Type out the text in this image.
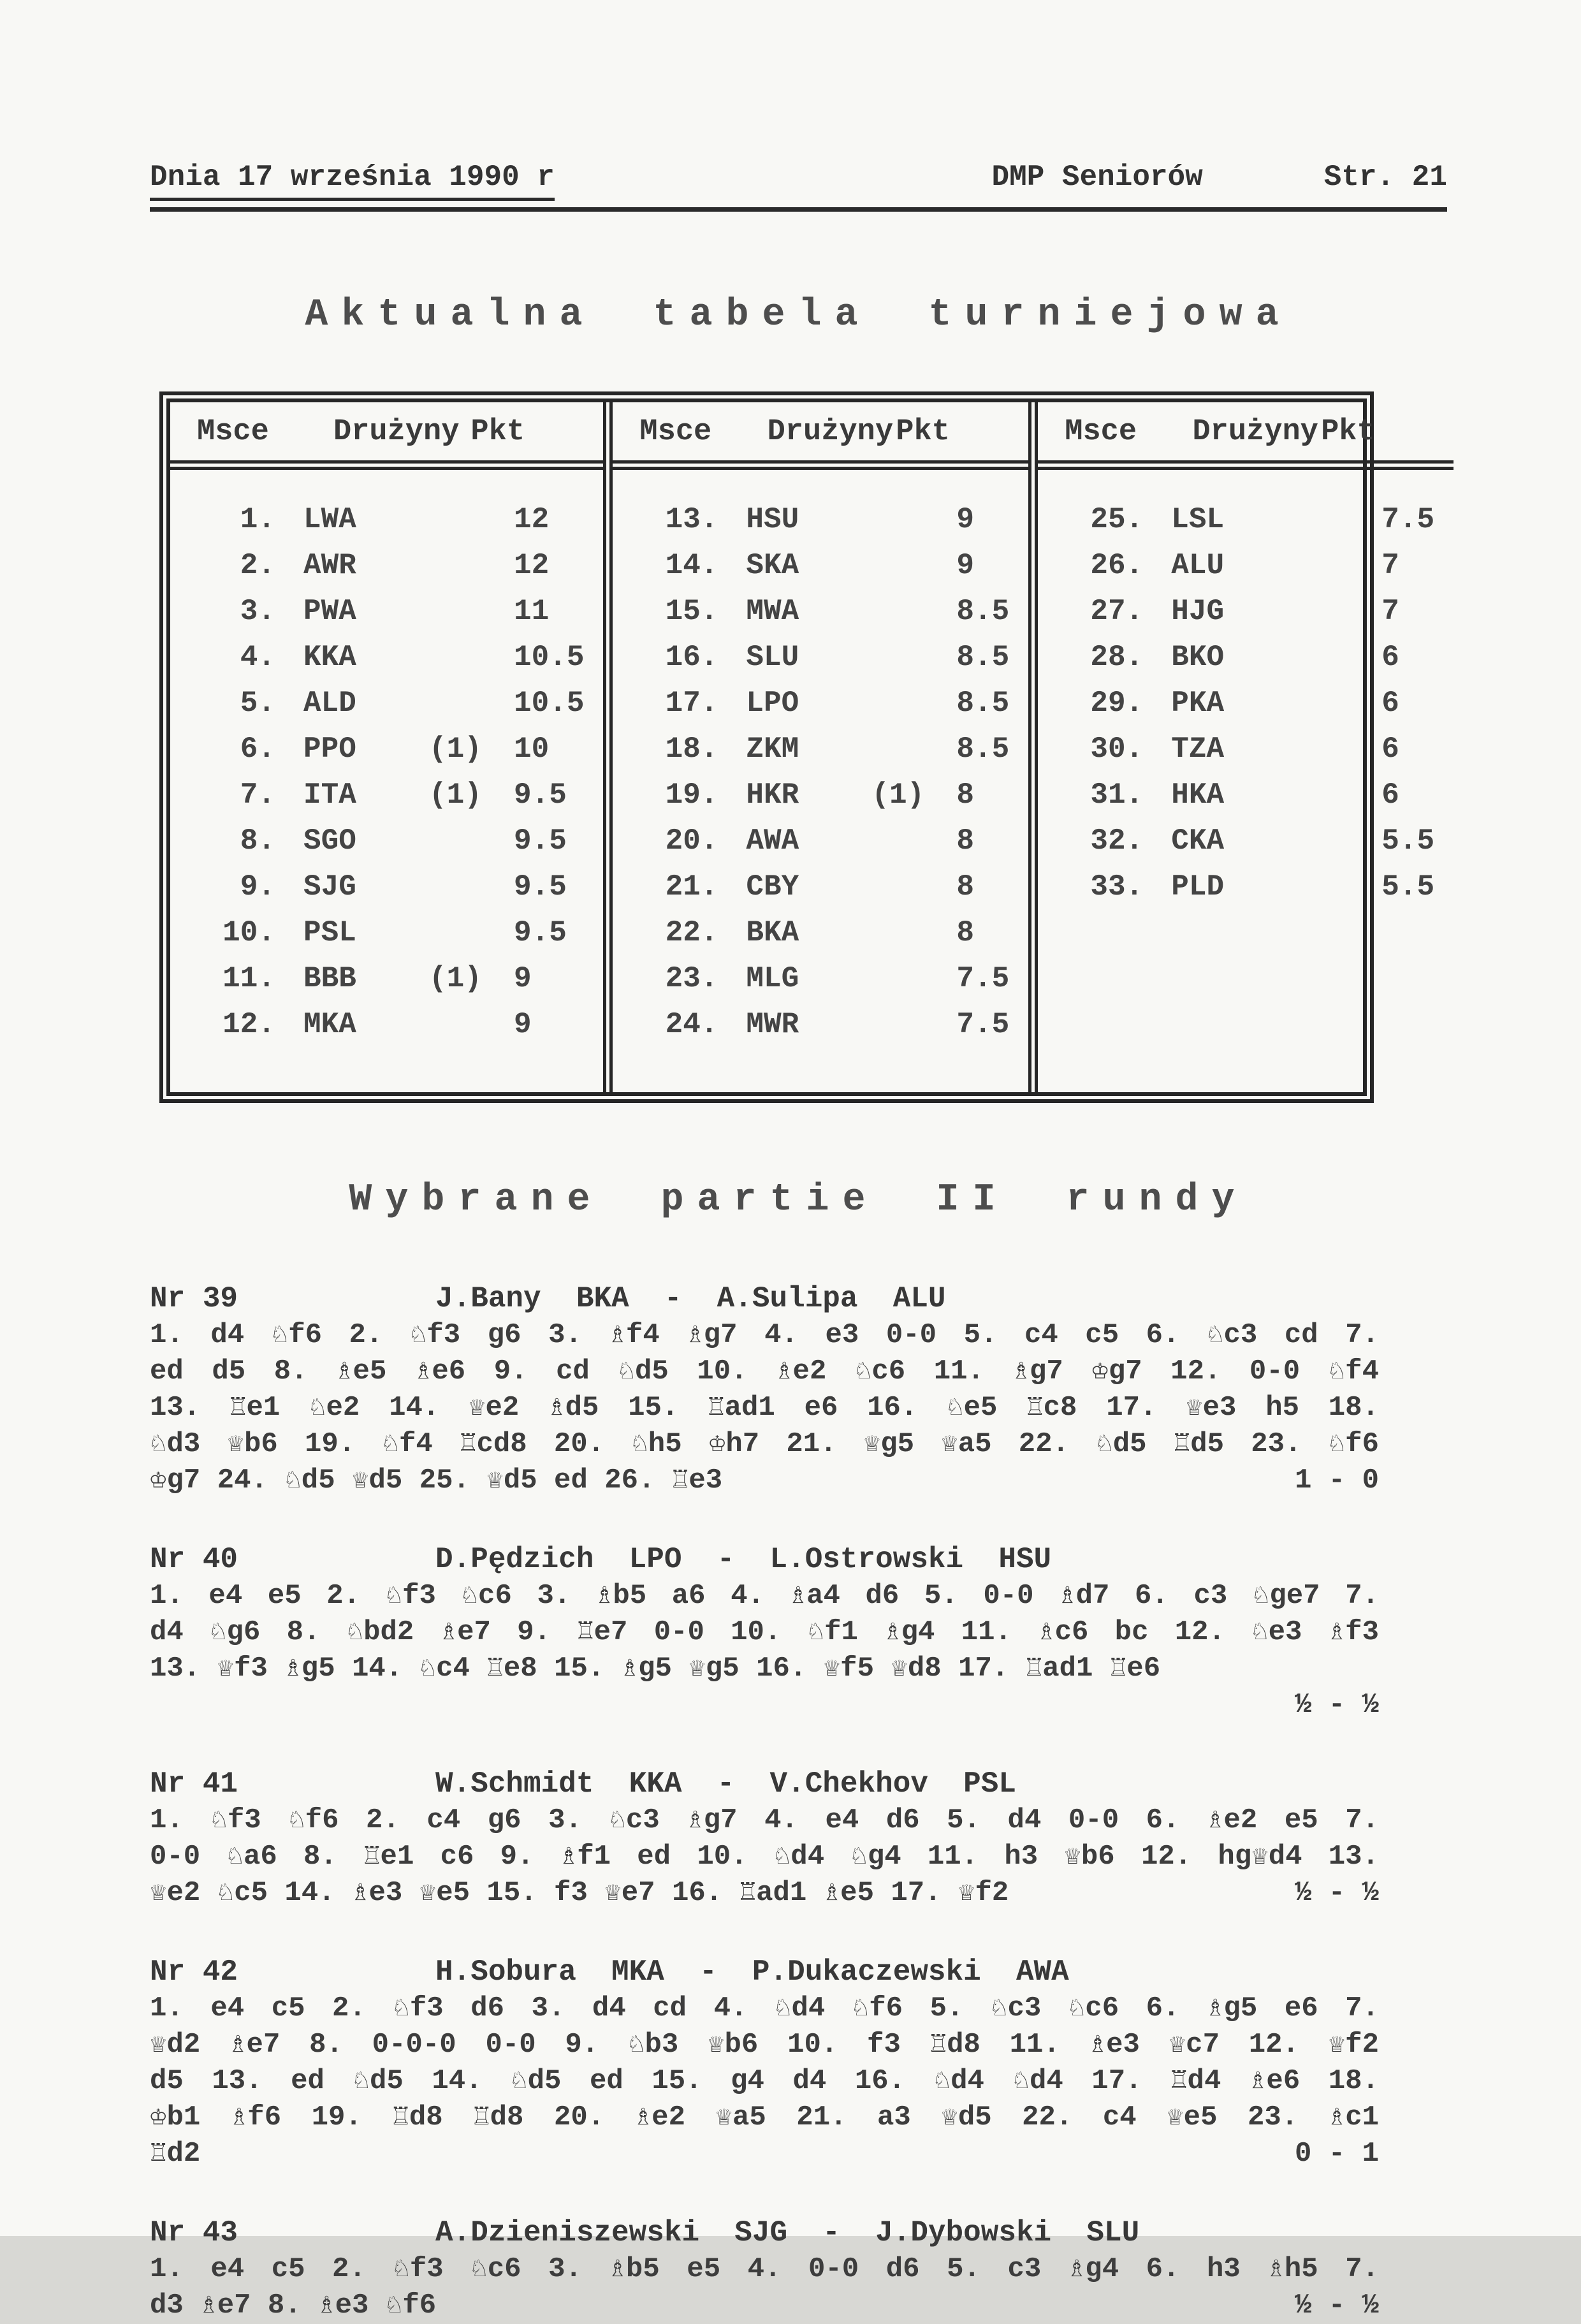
Dnia 17 września 1990 r	DMP Seniorów	Str. 21
Aktualna tabela turniejowa
Msce	Drużyny Pkt
1. LWA	12
2. AWR	12
3. PWA	11
4. KKA	10.5
5. ALD	10.5
6. PPO	(1)	10
7. ITA	(1)	9.5
8. SGO	9.5
9. SJG	9.5
10. PSL	9.5
11. BBB	(1)	9
12. MKA	9
Msce	Drużyny Pkt
13. HSU	9
14. SKA	9
15. MWA	8.5
16. SLU	8.5
17. LPO	8.5
18. ZKM	8.5
19. HKR	(1)	8
20. AWA	8
21. CBY	8
22. BKA	8
23. MLG	7.5
24. MWR	7.5
Msce	Drużyny Pkt
25. LSL	7.5
26. ALU	7
27. HJG	7
28. BKO	6
29. PKA	6
30. TZA	6
31. HKA	6
32. CKA	5.5
33. PLD	5.5
Wybrane partie II rundy
Nr 39	J.Bany  BKA  -  A.Sulipa  ALU
1. d4 ♘f6 2. ♘f3 g6 3. ♗f4 ♗g7 4. e3 0-0 5. c4 c5 6. ♘c3 cd 7.
ed d5 8. ♗e5 ♗e6 9. cd ♘d5 10. ♗e2 ♘c6 11. ♗g7 ♔g7 12. 0-0 ♘f4
13. ♖e1 ♘e2 14. ♕e2 ♗d5 15. ♖ad1 e6 16. ♘e5 ♖c8 17. ♕e3 h5 18.
♘d3 ♕b6 19. ♘f4 ♖cd8 20. ♘h5 ♔h7 21. ♕g5 ♕a5 22. ♘d5 ♖d5 23. ♘f6
♔g7 24. ♘d5 ♕d5 25. ♕d5 ed 26. ♖e3	1 - 0
Nr 40	D.Pędzich  LPO  -  L.Ostrowski  HSU
1. e4 e5 2. ♘f3 ♘c6 3. ♗b5 a6 4. ♗a4 d6 5. 0-0 ♗d7 6. c3 ♘ge7 7.
d4 ♘g6 8. ♘bd2 ♗e7 9. ♖e7 0-0 10. ♘f1 ♗g4 11. ♗c6 bc 12. ♘e3 ♗f3
13. ♕f3 ♗g5 14. ♘c4 ♖e8 15. ♗g5 ♕g5 16. ♕f5 ♕d8 17. ♖ad1 ♖e6
½ - ½
Nr 41	W.Schmidt  KKA  -  V.Chekhov  PSL
1. ♘f3 ♘f6 2. c4 g6 3. ♘c3 ♗g7 4. e4 d6 5. d4 0-0 6. ♗e2 e5 7.
0-0 ♘a6 8. ♖e1 c6 9. ♗f1 ed 10. ♘d4 ♘g4 11. h3 ♕b6 12. hg♕d4 13.
♕e2 ♘c5 14. ♗e3 ♕e5 15. f3 ♕e7 16. ♖ad1 ♗e5 17. ♕f2	½ - ½
Nr 42	H.Sobura  MKA  -  P.Dukaczewski  AWA
1. e4 c5 2. ♘f3 d6 3. d4 cd 4. ♘d4 ♘f6 5. ♘c3 ♘c6 6. ♗g5 e6 7.
♕d2 ♗e7 8. 0-0-0 0-0 9. ♘b3 ♕b6 10. f3 ♖d8 11. ♗e3 ♕c7 12. ♕f2
d5 13. ed ♘d5 14. ♘d5 ed 15. g4 d4 16. ♘d4 ♘d4 17. ♖d4 ♗e6 18.
♔b1 ♗f6 19. ♖d8 ♖d8 20. ♗e2 ♕a5 21. a3 ♕d5 22. c4 ♕e5 23. ♗c1
♖d2	0 - 1
Nr 43	A.Dzieniszewski  SJG  -  J.Dybowski  SLU
1. e4 c5 2. ♘f3 ♘c6 3. ♗b5 e5 4. 0-0 d6 5. c3 ♗g4 6. h3 ♗h5 7.
d3 ♗e7 8. ♗e3 ♘f6	½ - ½
